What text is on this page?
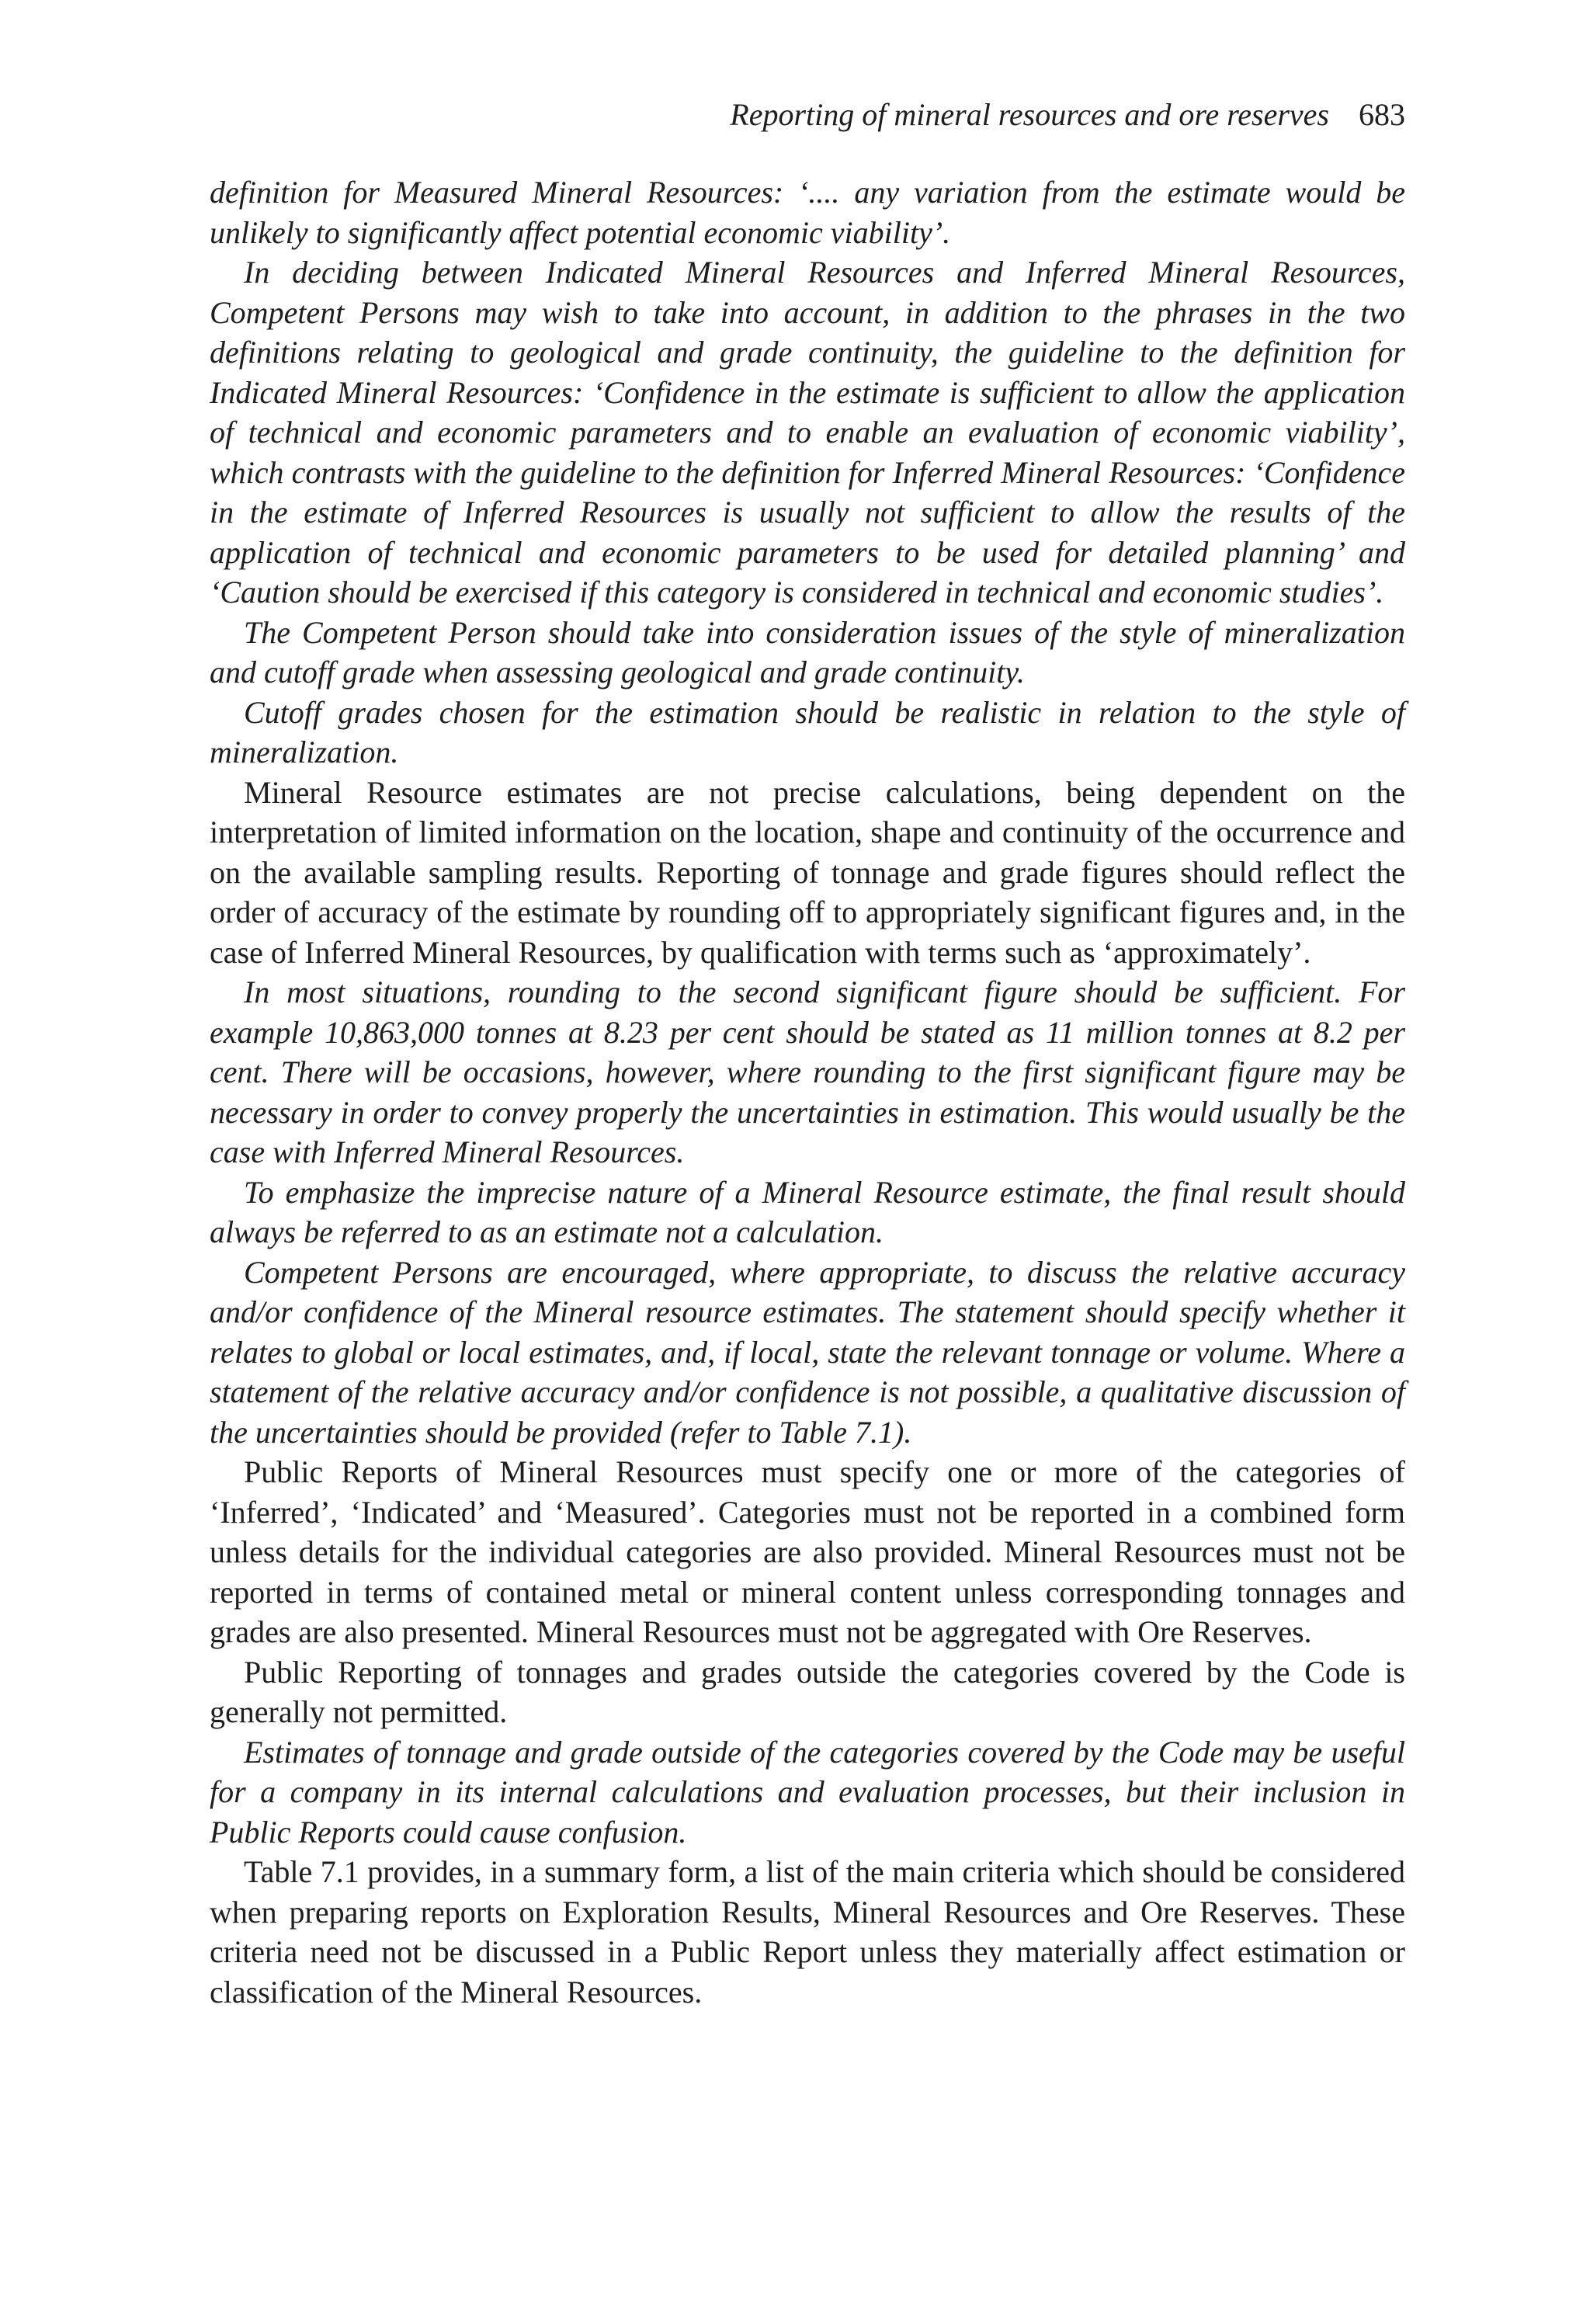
Reporting of mineral resources and ore reserves 683

definition for Measured Mineral Resources: ‘.... any variation from the estimate would be unlikely to significantly affect potential economic viability’.

In deciding between Indicated Mineral Resources and Inferred Mineral Resources, Competent Persons may wish to take into account, in addition to the phrases in the two definitions relating to geological and grade continuity, the guideline to the definition for Indicated Mineral Resources: ‘Confidence in the estimate is sufficient to allow the application of technical and economic parameters and to enable an evaluation of economic viability’, which contrasts with the guideline to the definition for Inferred Mineral Resources: ‘Confidence in the estimate of Inferred Resources is usually not sufficient to allow the results of the application of technical and economic parameters to be used for detailed planning’ and ‘Caution should be exercised if this category is considered in technical and economic studies’.

The Competent Person should take into consideration issues of the style of mineralization and cutoff grade when assessing geological and grade continuity.

Cutoff grades chosen for the estimation should be realistic in relation to the style of mineralization.

Mineral Resource estimates are not precise calculations, being dependent on the interpretation of limited information on the location, shape and continuity of the occurrence and on the available sampling results. Reporting of tonnage and grade figures should reflect the order of accuracy of the estimate by rounding off to appropriately significant figures and, in the case of Inferred Mineral Resources, by qualification with terms such as ‘approximately’.

In most situations, rounding to the second significant figure should be sufficient. For example 10,863,000 tonnes at 8.23 per cent should be stated as 11 million tonnes at 8.2 per cent. There will be occasions, however, where rounding to the first significant figure may be necessary in order to convey properly the uncertainties in estimation. This would usually be the case with Inferred Mineral Resources.

To emphasize the imprecise nature of a Mineral Resource estimate, the final result should always be referred to as an estimate not a calculation.

Competent Persons are encouraged, where appropriate, to discuss the relative accuracy and/or confidence of the Mineral resource estimates. The statement should specify whether it relates to global or local estimates, and, if local, state the relevant tonnage or volume. Where a statement of the relative accuracy and/or confidence is not possible, a qualitative discussion of the uncertainties should be provided (refer to Table 7.1).

Public Reports of Mineral Resources must specify one or more of the categories of ‘Inferred’, ‘Indicated’ and ‘Measured’. Categories must not be reported in a combined form unless details for the individual categories are also provided. Mineral Resources must not be reported in terms of contained metal or mineral content unless corresponding tonnages and grades are also presented. Mineral Resources must not be aggregated with Ore Reserves.

Public Reporting of tonnages and grades outside the categories covered by the Code is generally not permitted.

Estimates of tonnage and grade outside of the categories covered by the Code may be useful for a company in its internal calculations and evaluation processes, but their inclusion in Public Reports could cause confusion.

Table 7.1 provides, in a summary form, a list of the main criteria which should be considered when preparing reports on Exploration Results, Mineral Resources and Ore Reserves. These criteria need not be discussed in a Public Report unless they materially affect estimation or classification of the Mineral Resources.
